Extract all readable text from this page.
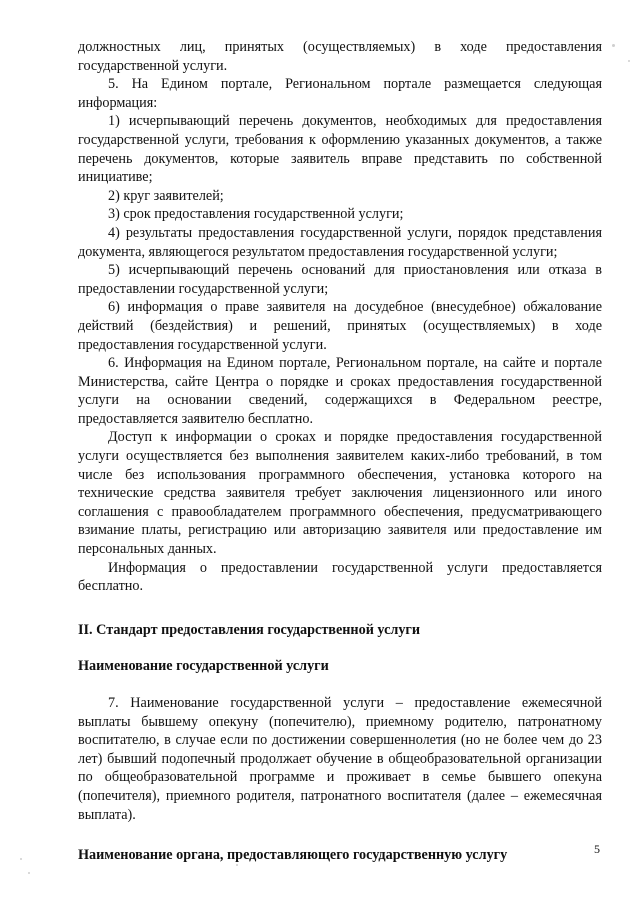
должностных лиц, принятых (осуществляемых) в ходе предоставления государственной услуги.

5. На Едином портале, Региональном портале размещается следующая информация:

1) исчерпывающий перечень документов, необходимых для предоставления государственной услуги, требования к оформлению указанных документов, а также перечень документов, которые заявитель вправе представить по собственной инициативе;

2) круг заявителей;

3) срок предоставления государственной услуги;

4) результаты предоставления государственной услуги, порядок представления документа, являющегося результатом предоставления государственной услуги;

5) исчерпывающий перечень оснований для приостановления или отказа в предоставлении государственной услуги;

6) информация о праве заявителя на досудебное (внесудебное) обжалование действий (бездействия) и решений, принятых (осуществляемых) в ходе предоставления государственной услуги.

6. Информация на Едином портале, Региональном портале, на сайте и портале Министерства, сайте Центра о порядке и сроках предоставления государственной услуги на основании сведений, содержащихся в Федеральном реестре, предоставляется заявителю бесплатно.

Доступ к информации о сроках и порядке предоставления государственной услуги осуществляется без выполнения заявителем каких-либо требований, в том числе без использования программного обеспечения, установка которого на технические средства заявителя требует заключения лицензионного или иного соглашения с правообладателем программного обеспечения, предусматривающего взимание платы, регистрацию или авторизацию заявителя или предоставление им персональных данных.

Информация о предоставлении государственной услуги предоставляется бесплатно.

II. Стандарт предоставления государственной услуги

Наименование государственной услуги

7. Наименование государственной услуги – предоставление ежемесячной выплаты бывшему опекуну (попечителю), приемному родителю, патронатному воспитателю, в случае если по достижении совершеннолетия (но не более чем до 23 лет) бывший подопечный продолжает обучение в общеобразовательной организации по общеобразовательной программе и проживает в семье бывшего опекуна (попечителя), приемного родителя, патронатного воспитателя (далее – ежемесячная выплата).

Наименование органа, предоставляющего государственную услугу	5
